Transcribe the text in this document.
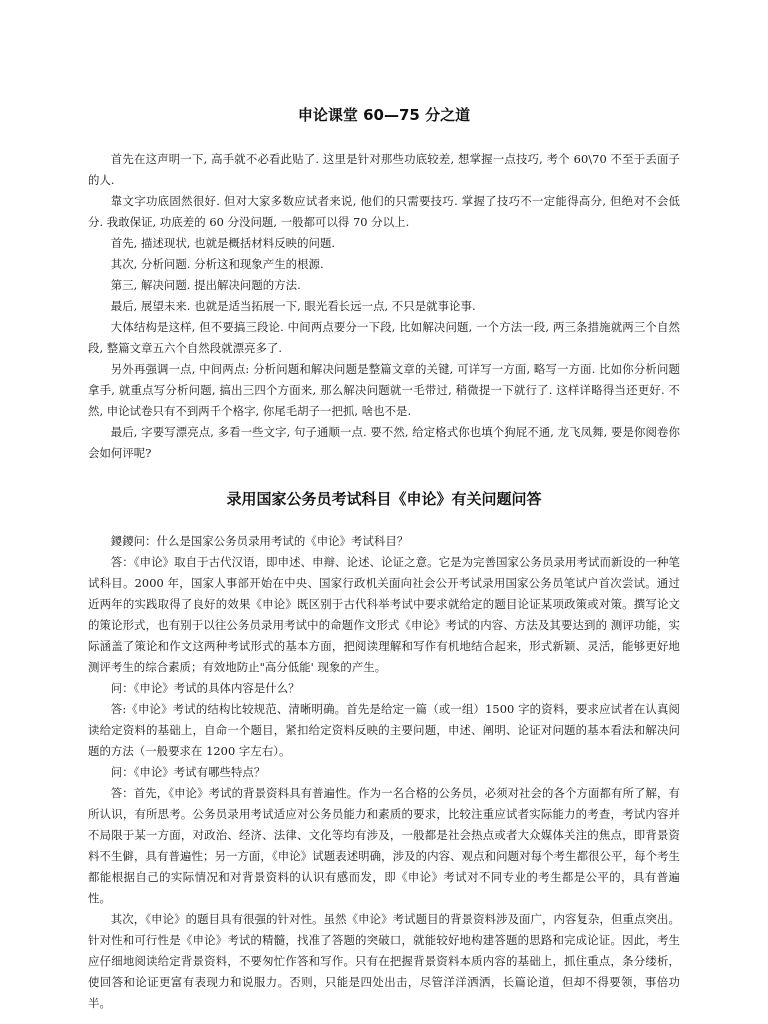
申论课堂 60—75 分之道

首先在这声明一下, 高手就不必看此贴了. 这里是针对那些功底较差, 想掌握一点技巧, 考个 60\70 不至于丢面子的人.

靠文字功底固然很好. 但对大家多数应试者来说, 他们的只需要技巧. 掌握了技巧不一定能得高分, 但绝对不会低分. 我敢保证, 功底差的 60 分没问题, 一般都可以得 70 分以上.

首先, 描述现状, 也就是概括材料反映的问题.

其次, 分析问题. 分析这和现象产生的根源.

第三, 解决问题. 提出解决问题的方法.

最后, 展望未来. 也就是适当拓展一下, 眼光看长远一点, 不只是就事论事.

大体结构是这样, 但不要搞三段论. 中间两点要分一下段, 比如解决问题, 一个方法一段, 两三条措施就两三个自然段, 整篇文章五六个自然段就漂亮多了.

另外再强调一点, 中间两点: 分析问题和解决问题是整篇文章的关键, 可详写一方面, 略写一方面. 比如你分析问题拿手, 就重点写分析问题, 搞出三四个方面来, 那么解决问题就一毛带过, 稍微提一下就行了. 这样详略得当还更好. 不然, 申论试卷只有不到两千个格字, 你尾毛胡子一把抓, 啥也不是.

最后, 字要写漂亮点, 多看一些文字, 句子通顺一点. 要不然, 给定格式你也填个狗屁不通, 龙飞凤舞, 要是你阅卷你会如何评呢?

录用国家公务员考试科目《申论》有关问题问答

鑁鑁问：什么是国家公务员录用考试的《申论》考试科目？

答：《申论》取自于古代汉语，即申述、申辩、论述、论证之意。它是为完善国家公务员录用考试而新设的一种笔试科目。2000 年，国家人事部开始在中央、国家行政机关面向社会公开考试录用国家公务员笔试户首次尝试。通过近两年的实践取得了良好的效果《申论》既区别于古代科举考试中要求就给定的题目论证某项政策或对策。撰写论文的策论形式，也有别于以往公务员录用考试中的命题作文形式《申论》考试的内容、方法及其要达到的 测评功能，实际涵盖了策论和作文这两种考试形式的基本方面，把阅读理解和写作有机地结合起来，形式新颖、灵活，能够更好地测评考生的综合素质；有效地防止"高分低能' 现象的产生。

问：《申论》考试的具体内容是什么？

答:《申论》考试的结构比较规范、清晰明确。首先是给定一篇（或一组）1500 字的资料，要求应试者在认真阅读给定资料的基础上，自命一个题目，紧扣给定资料反映的主要问题，申述、阐明、论证对问题的基本看法和解决问题的方法（一般要求在 1200 字左右）。

问：《申论》考试有哪些特点？

答：首先，《申论》考试的背景资料具有普遍性。作为一名合格的公务员，必须对社会的各个方面都有所了解，有所认识，有所思考。公务员录用考试适应对公务员能力和素质的要求，比较注重应试者实际能力的考查，考试内容并不局限于某一方面，对政治、经济、法律、文化等均有涉及，一般都是社会热点或者大众媒体关注的焦点，即背景资料不生僻，具有普遍性；另一方面，《申论》试题表述明确，涉及的内容、观点和问题对每个考生都很公平，每个考生都能根据自己的实际情况和对背景资料的认识有感而发，即《申论》考试对不同专业的考生都是公平的，具有普遍性。

其次，《申论》的题目具有很强的针对性。虽然《申论》考试题目的背景资料涉及面广，内容复杂，但重点突出。针对性和可行性是《申论》考试的精髓，找准了答题的突破口，就能较好地构建答题的思路和完成论证。因此，考生应仔细地阅读给定背景资料，不要匆忙作答和写作。只有在把握背景资料本质内容的基础上，抓住重点，条分缕析，使回答和论证更富有表现力和说服力。否则，只能是四处出击，尽管洋洋洒洒，长篇论道，但却不得要领，事倍功半。
